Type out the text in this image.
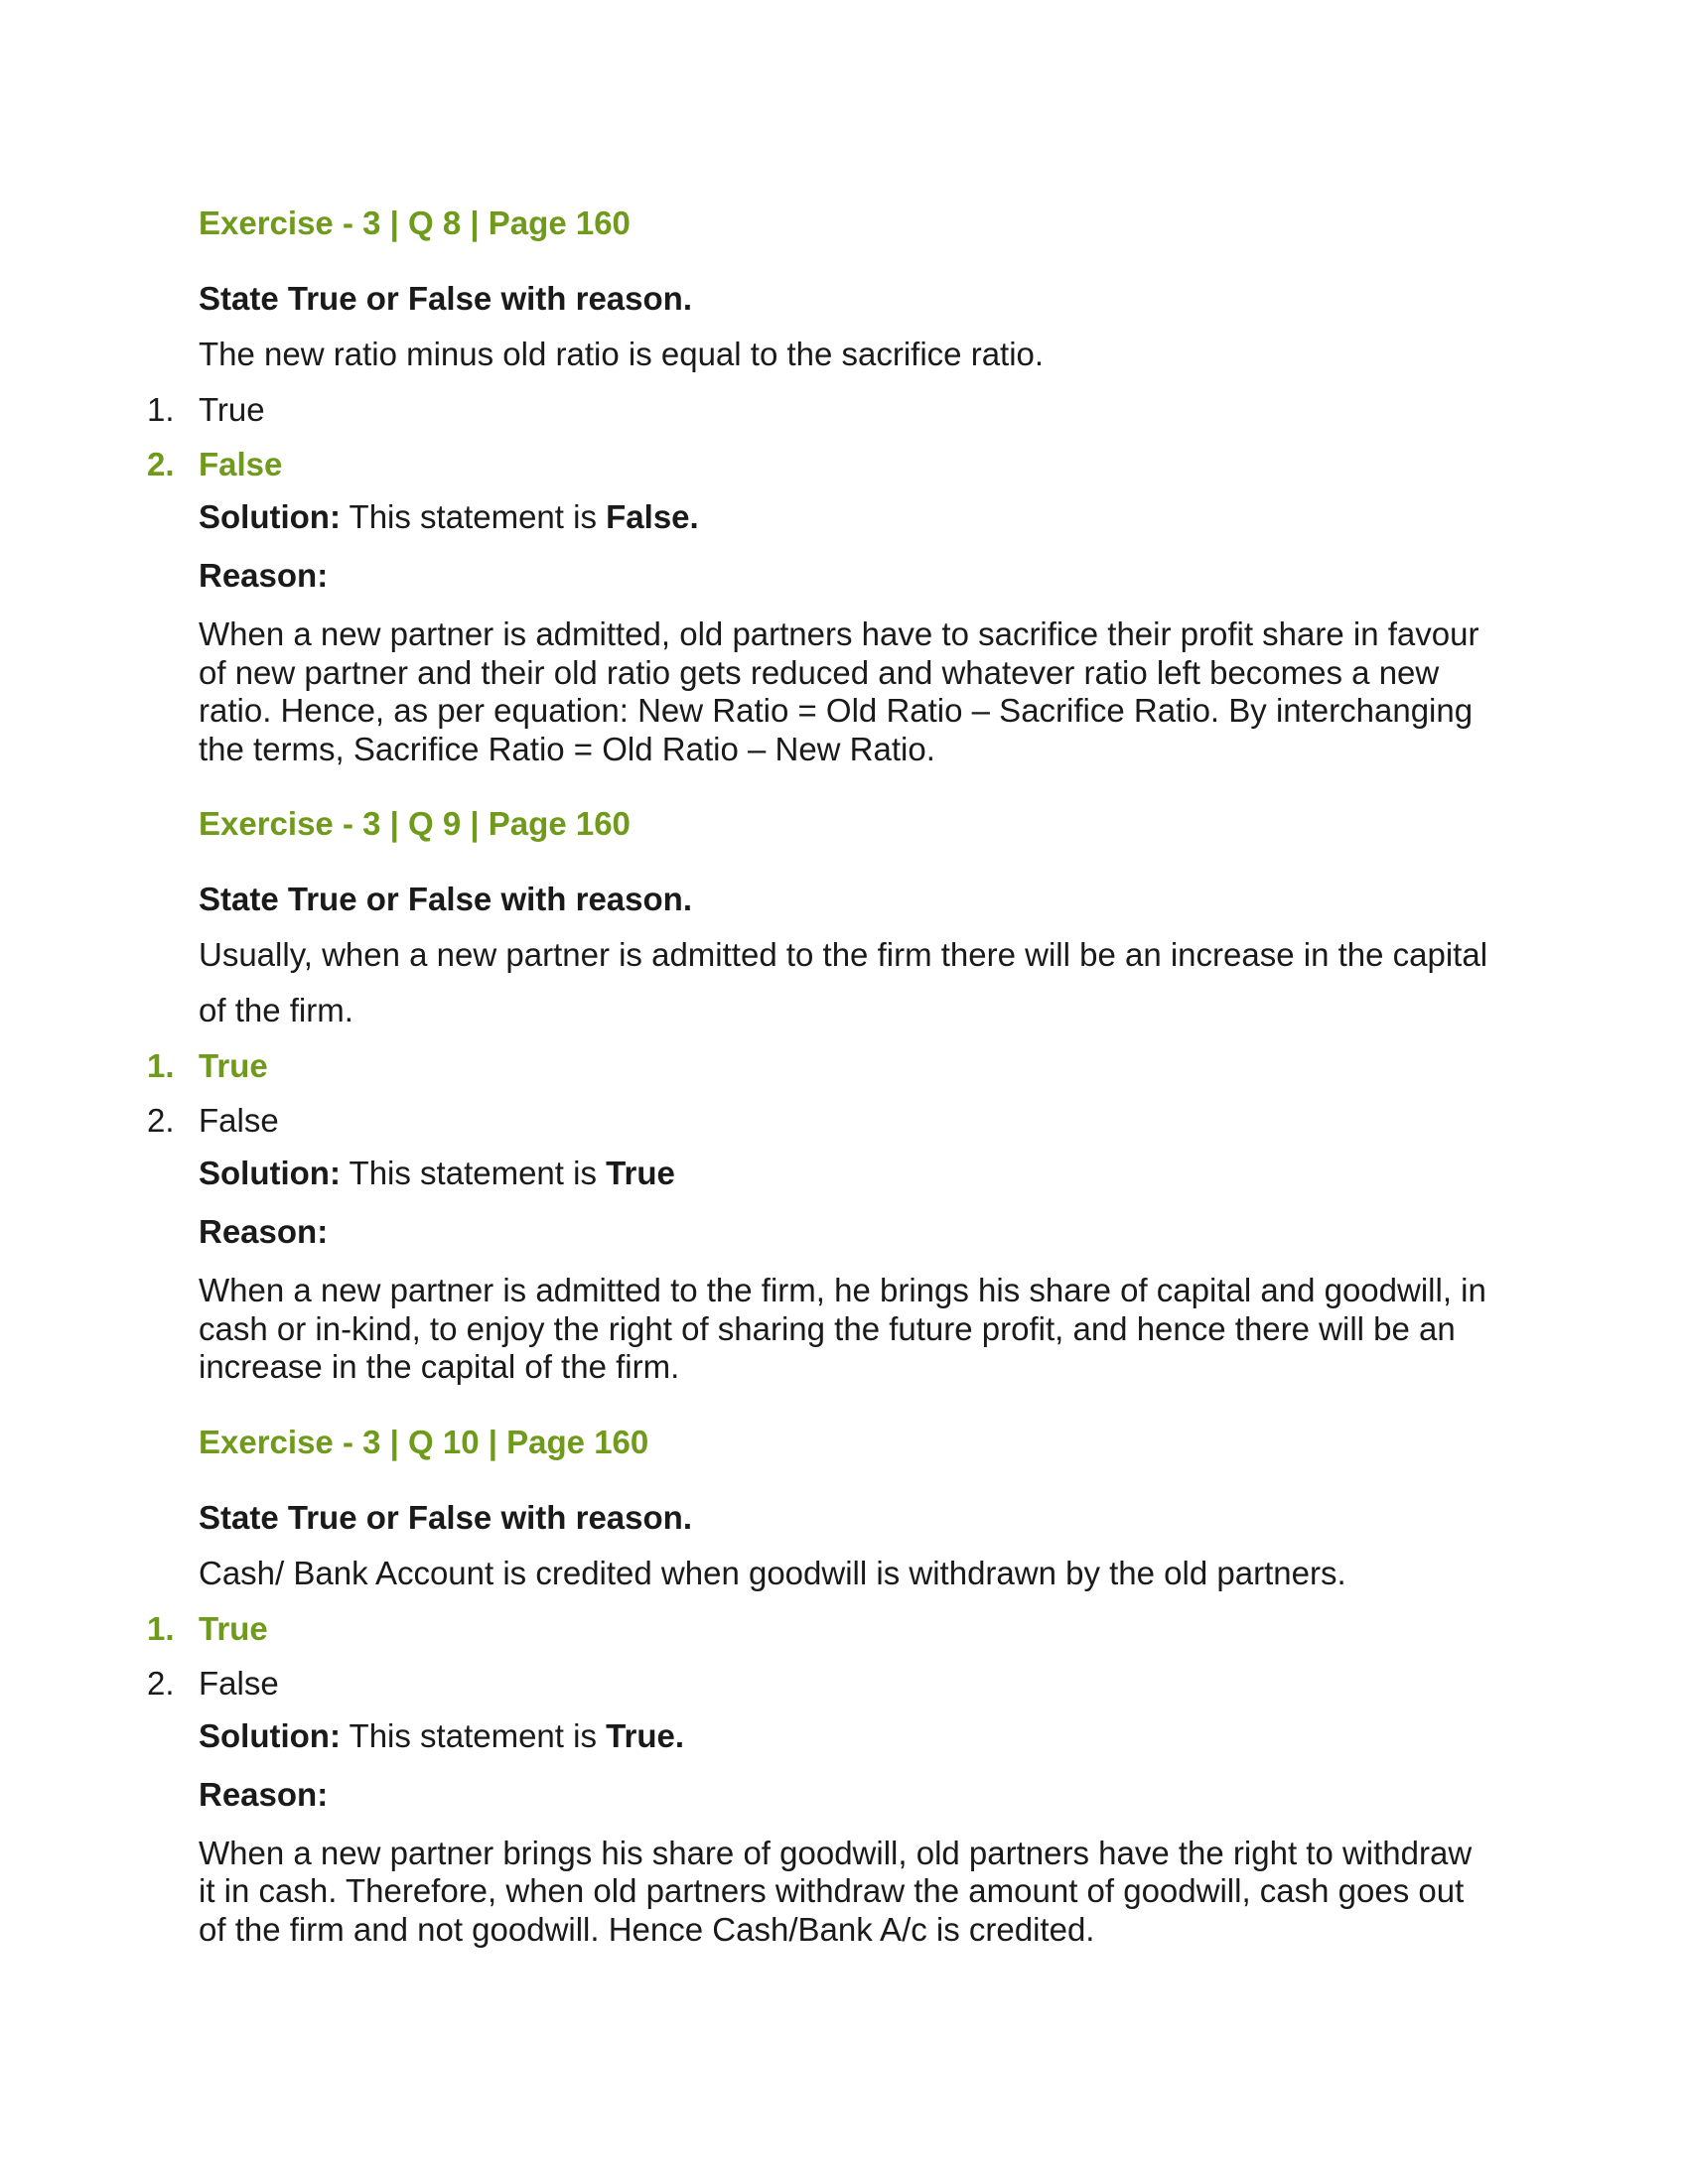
Exercise - 3 | Q 8 | Page 160

State True or False with reason.

The new ratio minus old ratio is equal to the sacrifice ratio.

1. True
2. False

Solution: This statement is False.

Reason:

When a new partner is admitted, old partners have to sacrifice their profit share in favour of new partner and their old ratio gets reduced and whatever ratio left becomes a new ratio. Hence, as per equation: New Ratio = Old Ratio – Sacrifice Ratio. By interchanging the terms, Sacrifice Ratio = Old Ratio – New Ratio.

Exercise - 3 | Q 9 | Page 160

State True or False with reason.

Usually, when a new partner is admitted to the firm there will be an increase in the capital of the firm.

1. True
2. False

Solution: This statement is True

Reason:

When a new partner is admitted to the firm, he brings his share of capital and goodwill, in cash or in-kind, to enjoy the right of sharing the future profit, and hence there will be an increase in the capital of the firm.

Exercise - 3 | Q 10 | Page 160

State True or False with reason.

Cash/ Bank Account is credited when goodwill is withdrawn by the old partners.

1. True
2. False

Solution: This statement is True.

Reason:

When a new partner brings his share of goodwill, old partners have the right to withdraw it in cash. Therefore, when old partners withdraw the amount of goodwill, cash goes out of the firm and not goodwill. Hence Cash/Bank A/c is credited.
